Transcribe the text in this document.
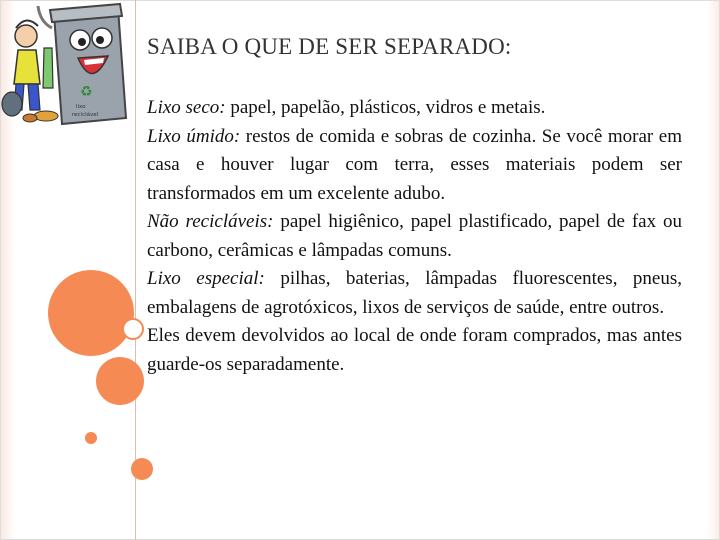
♻
lixo
reciclável
SAIBA O QUE DE SER SEPARADO:

Lixo seco: papel, papelão, plásticos, vidros e metais.

Lixo úmido: restos de comida e sobras de cozinha. Se você morar em casa e houver lugar com terra, esses materiais podem ser transformados em um excelente adubo.

Não recicláveis: papel higiênico, papel plastificado, papel de fax ou carbono, cerâmicas e lâmpadas comuns.

Lixo especial: pilhas, baterias, lâmpadas fluorescentes, pneus, embalagens de agrotóxicos, lixos de serviços de saúde, entre outros.

Eles devem devolvidos ao local de onde foram comprados, mas antes guarde-os separadamente.
